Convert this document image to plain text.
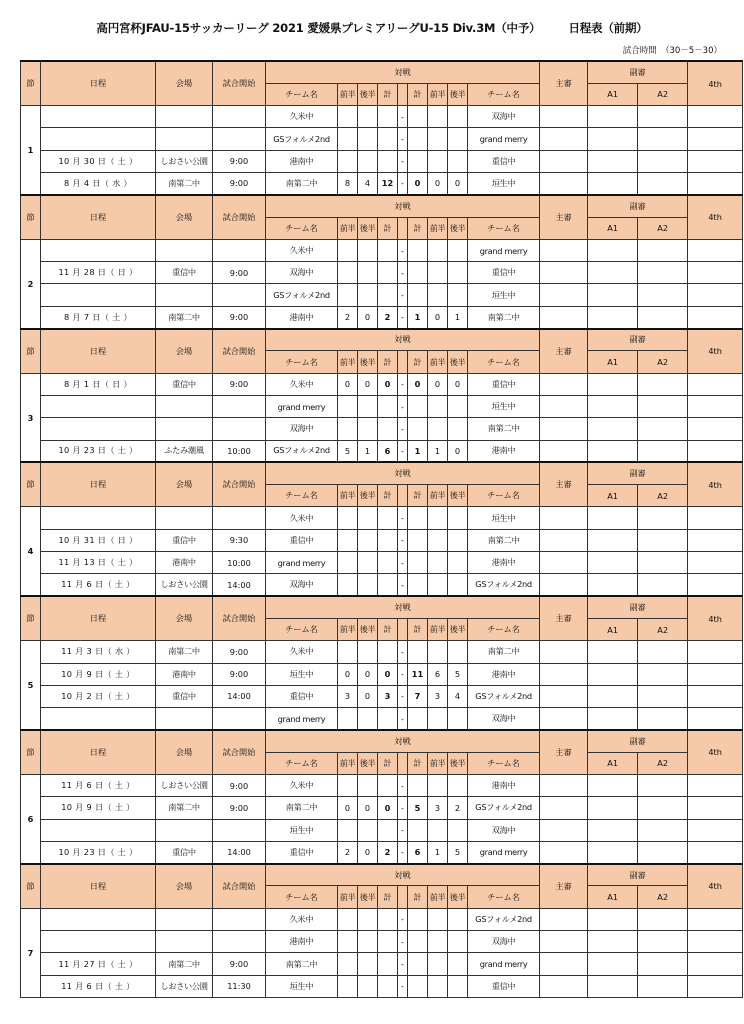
高円宮杯JFAU-15サッカーリーグ 2021 愛媛県プレミアリーグU-15 Div.3M（中予） 日程表（前期）
試合時間　（30－5－30）
節	日程	会場	試合開始	対戦									主審	副審		4th
				チーム名	前半	後半	計		計	前半	後半	チーム名		A1	A2	
1				久米中				-				双海中				
				GSフォルメ2nd				-				grand merry				
	10 月 30 日（ 土 ）	しおさい公園	9:00	港南中				-				重信中				
	8 月 4 日（ 水 ）	南第二中	9:00	南第二中	8	4	12	-	0	0	0	垣生中				
節	日程	会場	試合開始	対戦									主審	副審		4th
				チーム名	前半	後半	計		計	前半	後半	チーム名		A1	A2	
2				久米中				-				grand merry				
	11 月 28 日（ 日 ）	重信中	9:00	双海中				-				重信中				
				GSフォルメ2nd				-				垣生中				
	8 月 7 日（ 土 ）	南第二中	9:00	港南中	2	0	2	-	1	0	1	南第二中				
節	日程	会場	試合開始	対戦									主審	副審		4th
				チーム名	前半	後半	計		計	前半	後半	チーム名		A1	A2	
3	8 月 1 日（ 日 ）	重信中	9:00	久米中	0	0	0	-	0	0	0	重信中				
				grand merry				-				垣生中				
				双海中				-				南第二中				
	10 月 23 日（ 土 ）	ふたみ潮風	10:00	GSフォルメ2nd	5	1	6	-	1	1	0	港南中				
節	日程	会場	試合開始	対戦									主審	副審		4th
				チーム名	前半	後半	計		計	前半	後半	チーム名		A1	A2	
4				久米中				-				垣生中				
	10 月 31 日（ 日 ）	重信中	9:30	重信中				-				南第二中				
	11 月 13 日（ 土 ）	港南中	10:00	grand merry				-				港南中				
	11 月 6 日（ 土 ）	しおさい公園	14:00	双海中				-				GSフォルメ2nd				
節	日程	会場	試合開始	対戦									主審	副審		4th
				チーム名	前半	後半	計		計	前半	後半	チーム名		A1	A2	
5	11 月 3 日（ 水 ）	南第二中	9:00	久米中				-				南第二中				
	10 月 9 日（ 土 ）	港南中	9:00	垣生中	0	0	0	-	11	6	5	港南中				
	10 月 2 日（ 土 ）	重信中	14:00	重信中	3	0	3	-	7	3	4	GSフォルメ2nd				
				grand merry				-				双海中				
節	日程	会場	試合開始	対戦									主審	副審		4th
				チーム名	前半	後半	計		計	前半	後半	チーム名		A1	A2	
6	11 月 6 日（ 土 ）	しおさい公園	9:00	久米中				-				港南中				
	10 月 9 日（ 土 ）	南第二中	9:00	南第二中	0	0	0	-	5	3	2	GSフォルメ2nd				
				垣生中				-				双海中				
	10 月 23 日（ 土 ）	重信中	14:00	重信中	2	0	2	-	6	1	5	grand merry				
節	日程	会場	試合開始	対戦									主審	副審		4th
				チーム名	前半	後半	計		計	前半	後半	チーム名		A1	A2	
7				久米中				-				GSフォルメ2nd				
				港南中				-				双海中				
	11 月 27 日（ 土 ）	南第二中	9:00	南第二中				-				grand merry				
	11 月 6 日（ 土 ）	しおさい公園	11:30	垣生中				-				重信中				
